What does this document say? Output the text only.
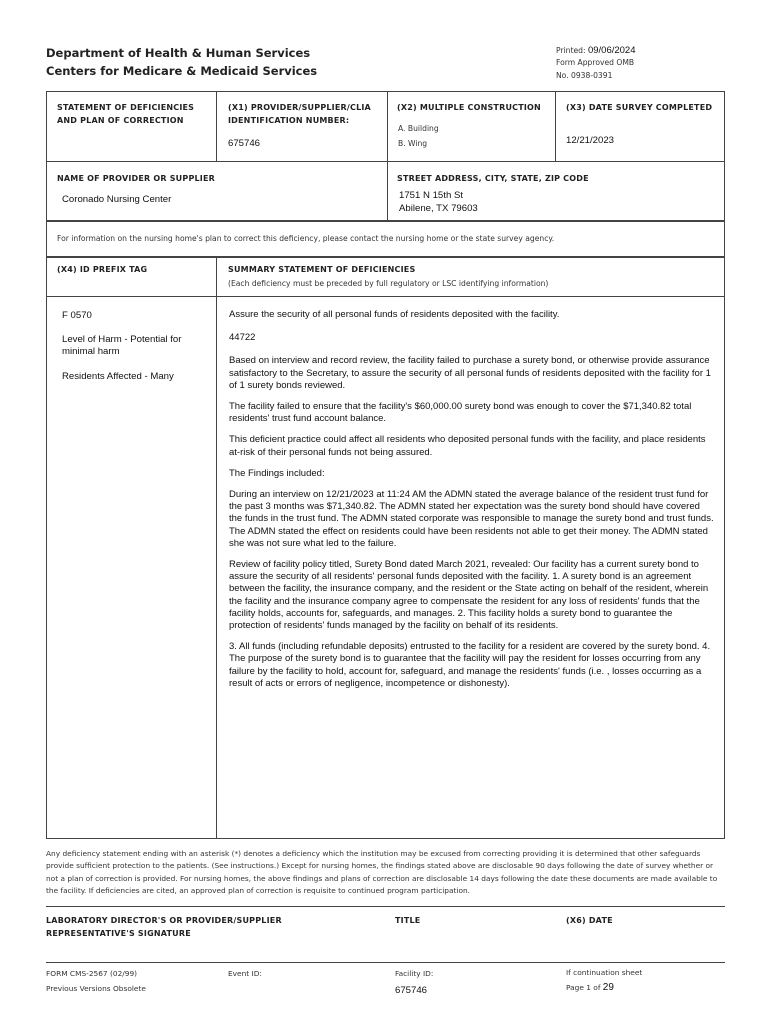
Department of Health & Human Services
Centers for Medicare & Medicaid Services
Printed: 09/06/2024
Form Approved OMB
No. 0938-0391
STATEMENT OF DEFICIENCIES AND PLAN OF CORRECTION
(X1) PROVIDER/SUPPLIER/CLIA IDENTIFICATION NUMBER:
675746
(X2) MULTIPLE CONSTRUCTION
A. Building
B. Wing
(X3) DATE SURVEY COMPLETED
12/21/2023
NAME OF PROVIDER OR SUPPLIER
Coronado Nursing Center
STREET ADDRESS, CITY, STATE, ZIP CODE
1751 N 15th St
Abilene, TX 79603
For information on the nursing home's plan to correct this deficiency, please contact the nursing home or the state survey agency.
(X4) ID PREFIX TAG	SUMMARY STATEMENT OF DEFICIENCIES
(Each deficiency must be preceded by full regulatory or LSC identifying information)
F 0570
Level of Harm - Potential for minimal harm
Residents Affected - Many

Assure the security of all personal funds of residents deposited with the facility.

44722

Based on interview and record review, the facility failed to purchase a surety bond, or otherwise provide assurance satisfactory to the Secretary, to assure the security of all personal funds of residents deposited with the facility for 1 of 1 surety bonds reviewed.

The facility failed to ensure that the facility's $60,000.00 surety bond was enough to cover the $71,340.82 total residents' trust fund account balance.

This deficient practice could affect all residents who deposited personal funds with the facility, and place residents at-risk of their personal funds not being assured.

The Findings included:

During an interview on 12/21/2023 at 11:24 AM the ADMN stated the average balance of the resident trust fund for the past 3 months was $71,340.82. The ADMN stated her expectation was the surety bond should have covered the funds in the trust fund. The ADMN stated corporate was responsible to manage the surety bond and trust funds. The ADMN stated the effect on residents could have been residents not able to get their money. The ADMN stated she was not sure what led to the failure.

Review of facility policy titled, Surety Bond dated March 2021, revealed: Our facility has a current surety bond to assure the security of all residents' personal funds deposited with the facility. 1. A surety bond is an agreement between the facility, the insurance company, and the resident or the State acting on behalf of the resident, wherein the facility and the insurance company agree to compensate the resident for any loss of residents' funds that the facility holds, accounts for, safeguards, and manages. 2. This facility holds a surety bond to guarantee the protection of residents' funds managed by the facility on behalf of its residents.

3. All funds (including refundable deposits) entrusted to the facility for a resident are covered by the surety bond. 4. The purpose of the surety bond is to guarantee that the facility will pay the resident for losses occurring from any failure by the facility to hold, account for, safeguard, and manage the residents' funds (i.e. , losses occurring as a result of acts or errors of negligence, incompetence or dishonesty).

Any deficiency statement ending with an asterisk (*) denotes a deficiency which the institution may be excused from correcting providing it is determined that other safeguards provide sufficient protection to the patients. (See instructions.) Except for nursing homes, the findings stated above are disclosable 90 days following the date of survey whether or not a plan of correction is provided. For nursing homes, the above findings and plans of correction are disclosable 14 days following the date these documents are made available to the facility. If deficiencies are cited, an approved plan of correction is requisite to continued program participation.
LABORATORY DIRECTOR'S OR PROVIDER/SUPPLIER REPRESENTATIVE'S SIGNATURE
TITLE	(X6) DATE
FORM CMS-2567 (02/99)
Previous Versions Obsolete
Event ID:	Facility ID:
675746
If continuation sheet
Page 1 of 29
